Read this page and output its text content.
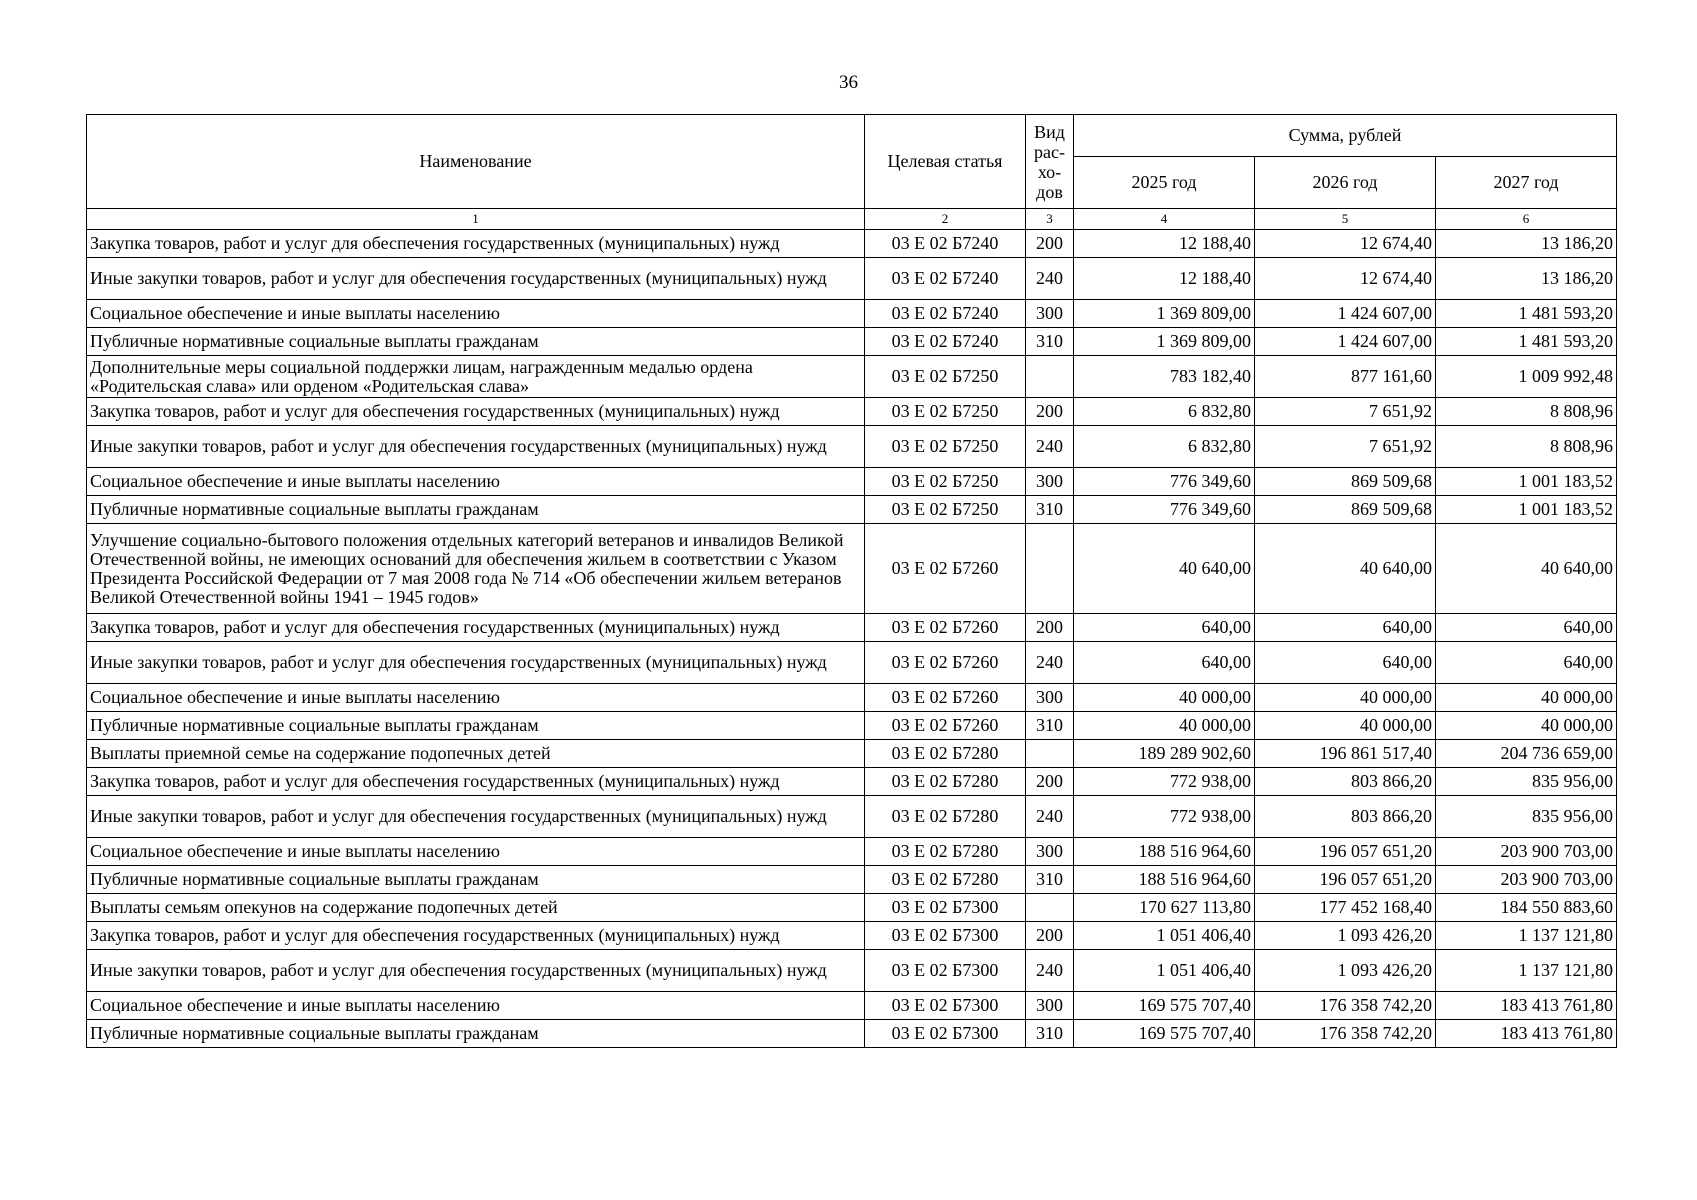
36
Наименование	Целевая статья	Вид рас- хо- дов	Сумма, рублей		
			2025 год	2026 год	2027 год
1	2	3	4	5	6
Закупка товаров, работ и услуг для обеспечения государственных (муниципальных) нужд	03 Е 02 Б7240	200	12 188,40	12 674,40	13 186,20
Иные закупки товаров, работ и услуг для обеспечения государственных (муниципальных) нужд	03 Е 02 Б7240	240	12 188,40	12 674,40	13 186,20
Социальное обеспечение и иные выплаты населению	03 Е 02 Б7240	300	1 369 809,00	1 424 607,00	1 481 593,20
Публичные нормативные социальные выплаты гражданам	03 Е 02 Б7240	310	1 369 809,00	1 424 607,00	1 481 593,20
Дополнительные меры социальной поддержки лицам, награжденным медалью ордена «Родительская слава» или орденом «Родительская слава»	03 Е 02 Б7250		783 182,40	877 161,60	1 009 992,48
Закупка товаров, работ и услуг для обеспечения государственных (муниципальных) нужд	03 Е 02 Б7250	200	6 832,80	7 651,92	8 808,96
Иные закупки товаров, работ и услуг для обеспечения государственных (муниципальных) нужд	03 Е 02 Б7250	240	6 832,80	7 651,92	8 808,96
Социальное обеспечение и иные выплаты населению	03 Е 02 Б7250	300	776 349,60	869 509,68	1 001 183,52
Публичные нормативные социальные выплаты гражданам	03 Е 02 Б7250	310	776 349,60	869 509,68	1 001 183,52
Улучшение социально-бытового положения отдельных категорий ветеранов и инвалидов Великой Отечественной войны, не имеющих оснований для обеспечения жильем в соответствии с Указом Президента Российской Федерации от 7 мая 2008 года № 714 «Об обеспечении жильем ветеранов Великой Отечественной войны 1941 – 1945 годов»	03 Е 02 Б7260		40 640,00	40 640,00	40 640,00
Закупка товаров, работ и услуг для обеспечения государственных (муниципальных) нужд	03 Е 02 Б7260	200	640,00	640,00	640,00
Иные закупки товаров, работ и услуг для обеспечения государственных (муниципальных) нужд	03 Е 02 Б7260	240	640,00	640,00	640,00
Социальное обеспечение и иные выплаты населению	03 Е 02 Б7260	300	40 000,00	40 000,00	40 000,00
Публичные нормативные социальные выплаты гражданам	03 Е 02 Б7260	310	40 000,00	40 000,00	40 000,00
Выплаты приемной семье на содержание подопечных детей	03 Е 02 Б7280		189 289 902,60	196 861 517,40	204 736 659,00
Закупка товаров, работ и услуг для обеспечения государственных (муниципальных) нужд	03 Е 02 Б7280	200	772 938,00	803 866,20	835 956,00
Иные закупки товаров, работ и услуг для обеспечения государственных (муниципальных) нужд	03 Е 02 Б7280	240	772 938,00	803 866,20	835 956,00
Социальное обеспечение и иные выплаты населению	03 Е 02 Б7280	300	188 516 964,60	196 057 651,20	203 900 703,00
Публичные нормативные социальные выплаты гражданам	03 Е 02 Б7280	310	188 516 964,60	196 057 651,20	203 900 703,00
Выплаты семьям опекунов на содержание подопечных детей	03 Е 02 Б7300		170 627 113,80	177 452 168,40	184 550 883,60
Закупка товаров, работ и услуг для обеспечения государственных (муниципальных) нужд	03 Е 02 Б7300	200	1 051 406,40	1 093 426,20	1 137 121,80
Иные закупки товаров, работ и услуг для обеспечения государственных (муниципальных) нужд	03 Е 02 Б7300	240	1 051 406,40	1 093 426,20	1 137 121,80
Социальное обеспечение и иные выплаты населению	03 Е 02 Б7300	300	169 575 707,40	176 358 742,20	183 413 761,80
Публичные нормативные социальные выплаты гражданам	03 Е 02 Б7300	310	169 575 707,40	176 358 742,20	183 413 761,80
